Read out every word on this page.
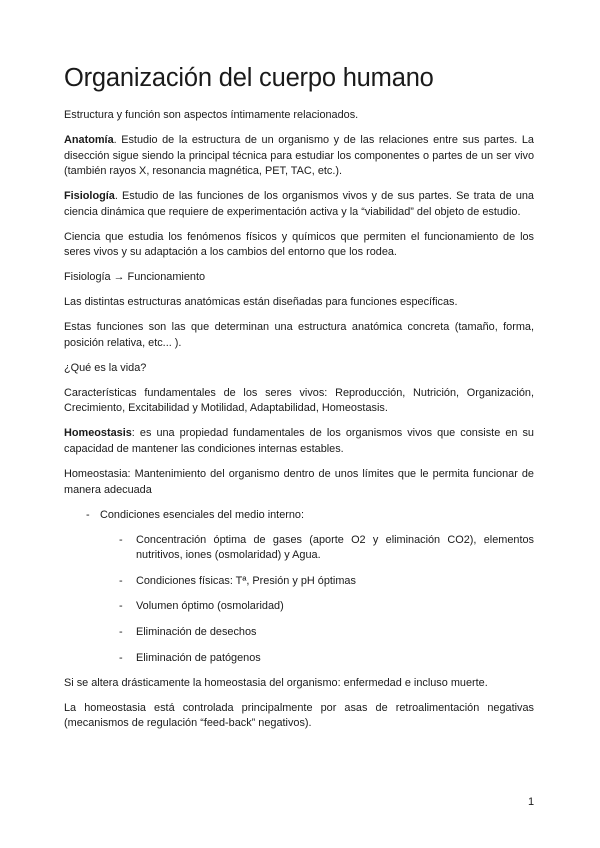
Organización del cuerpo humano

Estructura y función son aspectos íntimamente relacionados.

Anatomía. Estudio de la estructura de un organismo y de las relaciones entre sus partes. La disección sigue siendo la principal técnica para estudiar los componentes o partes de un ser vivo (también rayos X, resonancia magnética, PET, TAC, etc.).

Fisiología. Estudio de las funciones de los organismos vivos y de sus partes. Se trata de una ciencia dinámica que requiere de experimentación activa y la “viabilidad” del objeto de estudio.

Ciencia que estudia los fenómenos físicos y químicos que permiten el funcionamiento de los seres vivos y su adaptación a los cambios del entorno que los rodea.

Fisiología → Funcionamiento

Las distintas estructuras anatómicas están diseñadas para funciones específicas.

Estas funciones son las que determinan una estructura anatómica concreta (tamaño, forma, posición relativa, etc... ).

¿Qué es la vida?

Características fundamentales de los seres vivos: Reproducción, Nutrición, Organización, Crecimiento, Excitabilidad y Motilidad, Adaptabilidad, Homeostasis.

Homeostasis: es una propiedad fundamentales de los organismos vivos que consiste en su capacidad de mantener las condiciones internas estables.

Homeostasia: Mantenimiento del organismo dentro de unos límites que le permita funcionar de manera adecuada

- Condiciones esenciales del medio interno:
- Concentración óptima de gases (aporte O2 y eliminación CO2), elementos nutritivos, iones (osmolaridad) y Agua.
- Condiciones físicas: Tª, Presión y pH óptimas
- Volumen óptimo (osmolaridad)
- Eliminación de desechos
- Eliminación de patógenos

Si se altera drásticamente la homeostasia del organismo: enfermedad e incluso muerte.

La homeostasia está controlada principalmente por asas de retroalimentación negativas (mecanismos de regulación “feed-back” negativos).

1
